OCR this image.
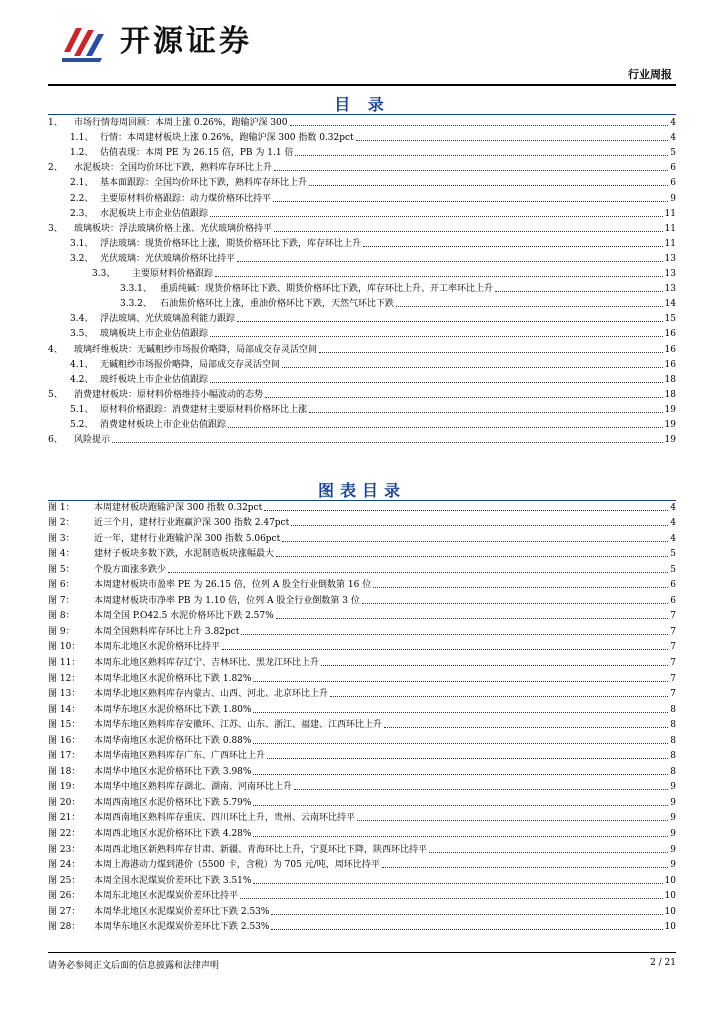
开源证券
行业周报
目 录
1、	市场行情每周回顾：本周上涨 0.26%，跑输沪深 300	4
1.1、 行情：本周建材板块上涨 0.26%，跑输沪深 300 指数 0.32pct	4
1.2、 估值表现：本周 PE 为 26.15 倍，PB 为 1.1 倍	5
2、	水泥板块：全国均价环比下跌，熟料库存环比上升	6
2.1、 基本面跟踪：全国均价环比下跌，熟料库存环比上升	6
2.2、 主要原材料价格跟踪：动力煤价格环比持平	9
2.3、 水泥板块上市企业估值跟踪	11
3、	玻璃板块：浮法玻璃价格上涨、光伏玻璃价格持平	11
3.1、 浮法玻璃：现货价格环比上涨，期货价格环比下跌，库存环比上升	11
3.2、 光伏玻璃：光伏玻璃价格环比持平	13
3.3、	主要原材料价格跟踪	13
3.3.1、 重质纯碱：现货价格环比下跌、期货价格环比下跌，库存环比上升、开工率环比上升	13
3.3.2、 石油焦价格环比上涨，重油价格环比下跌，天然气环比下跌	14
3.4、 浮法玻璃、光伏玻璃盈利能力跟踪	15
3.5、 玻璃板块上市企业估值跟踪	16
4、	玻璃纤维板块：无碱粗纱市场报价略降，局部成交存灵活空间	16
4.1、 无碱粗纱市场报价略降，局部成交存灵活空间	16
4.2、 玻纤板块上市企业估值跟踪	18
5、	消费建材板块：原材料价格维持小幅波动的态势	18
5.1、 原材料价格跟踪：消费建材主要原材料价格环比上涨	19
5.2、 消费建材板块上市企业估值跟踪	19
6、	风险提示	19
图表目录
图 1：	本周建材板块跑输沪深 300 指数 0.32pct	4
图 2：	近三个月，建材行业跑赢沪深 300 指数 2.47pct	4
图 3：	近一年，建材行业跑输沪深 300 指数 5.06pct	4
图 4：	建材子板块多数下跌，水泥制造板块涨幅最大	5
图 5：	个股方面涨多跌少	5
图 6：	本周建材板块市盈率 PE 为 26.15 倍，位列 A 股全行业倒数第 16 位	6
图 7：	本周建材板块市净率 PB 为 1.10 倍，位列 A 股全行业倒数第 3 位	6
图 8：	本周全国 P.O42.5 水泥价格环比下跌 2.57%	7
图 9：	本周全国熟料库存环比上升 3.82pct	7
图 10：	本周东北地区水泥价格环比持平	7
图 11：	本周东北地区熟料库存辽宁、吉林环比、黑龙江环比上升	7
图 12：	本周华北地区水泥价格环比下跌 1.82%	7
图 13：	本周华北地区熟料库存内蒙古、山西、河北、北京环比上升	7
图 14：	本周华东地区水泥价格环比下跌 1.80%	8
图 15：	本周华东地区熟料库存安徽环、江苏、山东、浙江、福建、江西环比上升	8
图 16：	本周华南地区水泥价格环比下跌 0.88%	8
图 17：	本周华南地区熟料库存广东、广西环比上升	8
图 18：	本周华中地区水泥价格环比下跌 3.98%	8
图 19：	本周华中地区熟料库存湖北、湖南、河南环比上升	9
图 20：	本周西南地区水泥价格环比下跌 5.79%	9
图 21：	本周西南地区熟料库存重庆、四川环比上升，贵州、云南环比持平	9
图 22：	本周西北地区水泥价格环比下跌 4.28%	9
图 23：	本周西北地区新熟料库存甘肃、新疆、青海环比上升，宁夏环比下降，陕西环比持平	9
图 24：	本周上海港动力煤到港价（5500 卡，含税）为 705 元/吨，周环比持平	9
图 25：	本周全国水泥煤炭价差环比下跌 3.51%	10
图 26：	本周东北地区水泥煤炭价差环比持平	10
图 27：	本周华北地区水泥煤炭价差环比下跌 2.53%	10
图 28：	本周华东地区水泥煤炭价差环比下跌 2.53%	10
请务必参阅正文后面的信息披露和法律声明	2 / 21
